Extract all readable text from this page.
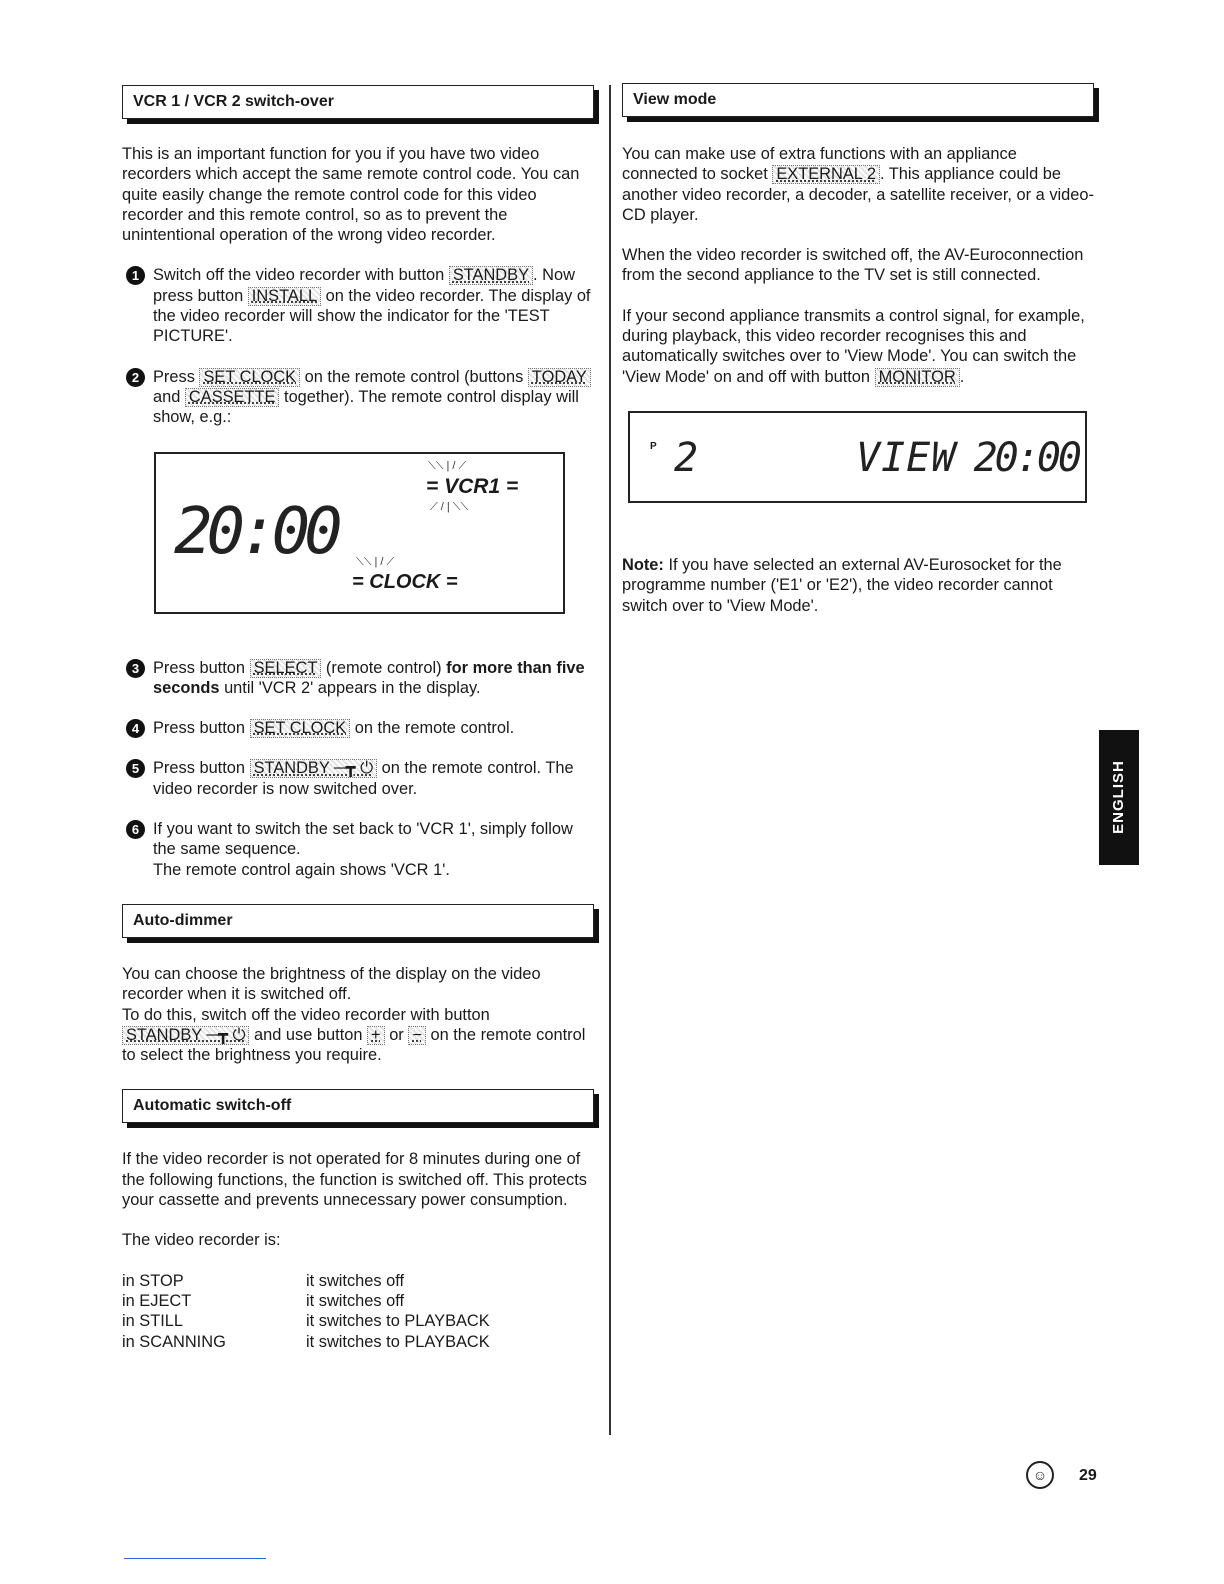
VCR 1 / VCR 2 switch-over
This is an important function for you if you have two video recorders which accept the same remote control code. You can quite easily change the remote control code for this video recorder and this remote control, so as to prevent the unintentional operation of the wrong video recorder.
1 Switch off the video recorder with button STANDBY . Now press button INSTALL on the video recorder. The display of the video recorder will show the indicator for the 'TEST PICTURE'.
2 Press SET CLOCK on the remote control (buttons TODAY and CASSETTE together). The remote control display will show, e.g.:
20:00
⟍⟍ | / ⟋
= VCR1 =
⟋ / | ⟍⟍
⟍⟍ | / ⟋
= CLOCK =
3 Press button SELECT (remote control) for more than five seconds until 'VCR 2' appears in the display.
4 Press button SET CLOCK on the remote control.
5 Press button STANDBY ─┳ ⏻ on the remote control. The video recorder is now switched over.
6 If you want to switch the set back to 'VCR 1', simply follow the same sequence.
The remote control again shows 'VCR 1'.
Auto-dimmer
You can choose the brightness of the display on the video recorder when it is switched off.
To do this, switch off the video recorder with button STANDBY ─┳ ⏻ and use button + or − on the remote control to select the brightness you require.
Automatic switch-off
If the video recorder is not operated for 8 minutes during one of the following functions, the function is switched off. This protects your cassette and prevents unnecessary power consumption.
The video recorder is:
in STOP	it switches off
in EJECT	it switches off
in STILL	it switches to PLAYBACK
in SCANNING	it switches to PLAYBACK
View mode
You can make use of extra functions with an appliance connected to socket EXTERNAL 2 . This appliance could be another video recorder, a decoder, a satellite receiver, or a video-CD player.
When the video recorder is switched off, the AV-Euroconnection from the second appliance to the TV set is still connected.
If your second appliance transmits a control signal, for example, during playback, this video recorder recognises this and automatically switches over to 'View Mode'. You can switch the 'View Mode' on and off with button MONITOR .
P 2	VIEW 20:00
Note: If you have selected an external AV-Eurosocket for the programme number ('E1' or 'E2'), the video recorder cannot switch over to 'View Mode'.
ENGLISH
☺	29
